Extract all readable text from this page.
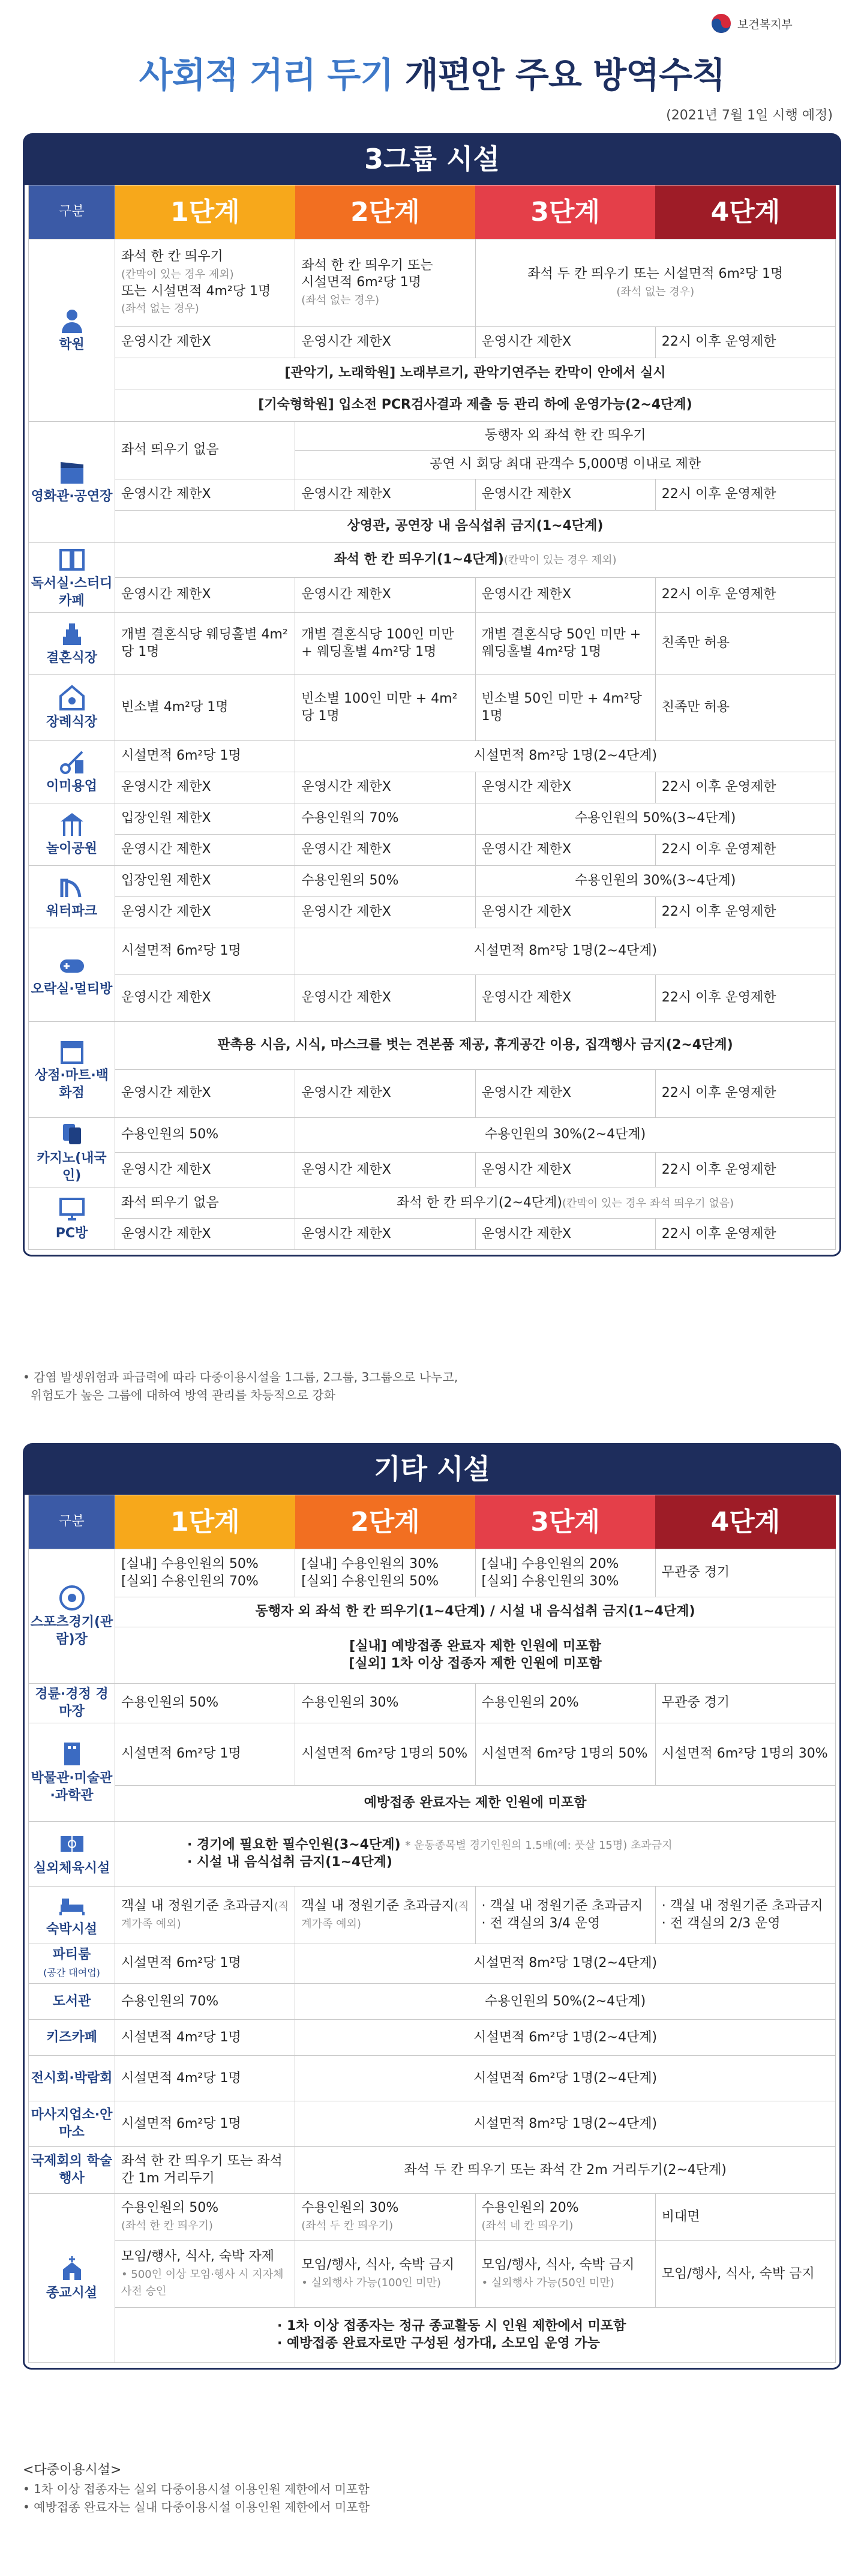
보건복지부
사회적 거리 두기 개편안 주요 방역수칙
(2021년 7월 1일 시행 예정)
3그룹 시설
구분	1단계	2단계	3단계	4단계

학원	좌석 한 칸 띄우기
(칸막이 있는 경우 제외)
또는 시설면적 4m²당 1명
(좌석 없는 경우)	좌석 한 칸 띄우기 또는
시설면적 6m²당 1명
(좌석 없는 경우)	좌석 두 칸 띄우기 또는 시설면적 6m²당 1명
(좌석 없는 경우)	
	운영시간 제한X	운영시간 제한X	운영시간 제한X	22시 이후 운영제한
	[관악기, 노래학원] 노래부르기, 관악기연주는 칸막이 안에서 실시			
	[기숙형학원] 입소전 PCR검사결과 제출 등 관리 하에 운영가능(2~4단계)			

영화관·공연장	좌석 띄우기 없음	동행자 외 좌석 한 칸 띄우기		
		공연 시 회당 최대 관객수 5,000명 이내로 제한		
	운영시간 제한X	운영시간 제한X	운영시간 제한X	22시 이후 운영제한
	상영관, 공연장 내 음식섭취 금지(1~4단계)			

독서실·스터디카페	좌석 한 칸 띄우기(1~4단계)(칸막이 있는 경우 제외)			
	운영시간 제한X	운영시간 제한X	운영시간 제한X	22시 이후 운영제한

결혼식장	개별 결혼식당 웨딩홀별 4m²당 1명	개별 결혼식당 100인 미만 + 웨딩홀별 4m²당 1명	개별 결혼식당 50인 미만 + 웨딩홀별 4m²당 1명	친족만 허용

장례식장	빈소별 4m²당 1명	빈소별 100인 미만 + 4m²당 1명	빈소별 50인 미만 + 4m²당 1명	친족만 허용

이미용업	시설면적 6m²당 1명	시설면적 8m²당 1명(2~4단계)		
	운영시간 제한X	운영시간 제한X	운영시간 제한X	22시 이후 운영제한

놀이공원	입장인원 제한X	수용인원의 70%	수용인원의 50%(3~4단계)	
	운영시간 제한X	운영시간 제한X	운영시간 제한X	22시 이후 운영제한

워터파크	입장인원 제한X	수용인원의 50%	수용인원의 30%(3~4단계)	
	운영시간 제한X	운영시간 제한X	운영시간 제한X	22시 이후 운영제한

오락실·멀티방	시설면적 6m²당 1명	시설면적 8m²당 1명(2~4단계)		
	운영시간 제한X	운영시간 제한X	운영시간 제한X	22시 이후 운영제한

상점·마트·백화점	판촉용 시음, 시식, 마스크를 벗는 견본품 제공, 휴게공간 이용, 집객행사 금지(2~4단계)			
	운영시간 제한X	운영시간 제한X	운영시간 제한X	22시 이후 운영제한

카지노(내국인)	수용인원의 50%	수용인원의 30%(2~4단계)		
	운영시간 제한X	운영시간 제한X	운영시간 제한X	22시 이후 운영제한

PC방	좌석 띄우기 없음	좌석 한 칸 띄우기(2~4단계)(칸막이 있는 경우 좌석 띄우기 없음)		
	운영시간 제한X	운영시간 제한X	운영시간 제한X	22시 이후 운영제한
• 감염 발생위험과 파급력에 따라 다중이용시설을 1그룹, 2그룹, 3그룹으로 나누고,
위험도가 높은 그룹에 대하여 방역 관리를 차등적으로 강화
기타 시설
구분	1단계	2단계	3단계	4단계

스포츠경기(관람)장	[실내] 수용인원의 50%
[실외] 수용인원의 70%	[실내] 수용인원의 30%
[실외] 수용인원의 50%	[실내] 수용인원의 20%
[실외] 수용인원의 30%	무관중 경기
	동행자 외 좌석 한 칸 띄우기(1~4단계) / 시설 내 음식섭취 금지(1~4단계)			
	[실내] 예방접종 완료자 제한 인원에 미포함
[실외] 1차 이상 접종자 제한 인원에 미포함			
경륜·경정 경마장	수용인원의 50%	수용인원의 30%	수용인원의 20%	무관중 경기

박물관·미술관·과학관	시설면적 6m²당 1명	시설면적 6m²당 1명의 50%	시설면적 6m²당 1명의 50%	시설면적 6m²당 1명의 30%
	예방접종 완료자는 제한 인원에 미포함			

실외체육시설	· 경기에 필요한 필수인원(3~4단계) * 운동종목별 경기인원의 1.5배(예: 풋살 15명) 초과금지
· 시설 내 음식섭취 금지(1~4단계)			

숙박시설	객실 내 정원기준 초과금지(직계가족 예외)	객실 내 정원기준 초과금지(직계가족 예외)	· 객실 내 정원기준 초과금지
· 전 객실의 3/4 운영	· 객실 내 정원기준 초과금지
· 전 객실의 2/3 운영
파티룸
(공간 대여업)	시설면적 6m²당 1명	시설면적 8m²당 1명(2~4단계)		
도서관	수용인원의 70%	수용인원의 50%(2~4단계)		
키즈카페	시설면적 4m²당 1명	시설면적 6m²당 1명(2~4단계)		
전시회·박람회	시설면적 4m²당 1명	시설면적 6m²당 1명(2~4단계)		
마사지업소·안마소	시설면적 6m²당 1명	시설면적 8m²당 1명(2~4단계)		
국제회의 학술행사	좌석 한 칸 띄우기 또는 좌석 간 1m 거리두기	좌석 두 칸 띄우기 또는 좌석 간 2m 거리두기(2~4단계)		

종교시설	수용인원의 50%
(좌석 한 칸 띄우기)	수용인원의 30%
(좌석 두 칸 띄우기)	수용인원의 20%
(좌석 네 칸 띄우기)	비대면
	모임/행사, 식사, 숙박 자제
• 500인 이상 모임·행사 시 지자체 사전 승인	모임/행사, 식사, 숙박 금지
• 실외행사 가능(100인 미만)	모임/행사, 식사, 숙박 금지
• 실외행사 가능(50인 미만)	모임/행사, 식사, 숙박 금지
	· 1차 이상 접종자는 정규 종교활동 시 인원 제한에서 미포함
· 예방접종 완료자로만 구성된 성가대, 소모임 운영 가능			
<다중이용시설>
• 1차 이상 접종자는 실외 다중이용시설 이용인원 제한에서 미포함
• 예방접종 완료자는 실내 다중이용시설 이용인원 제한에서 미포함
